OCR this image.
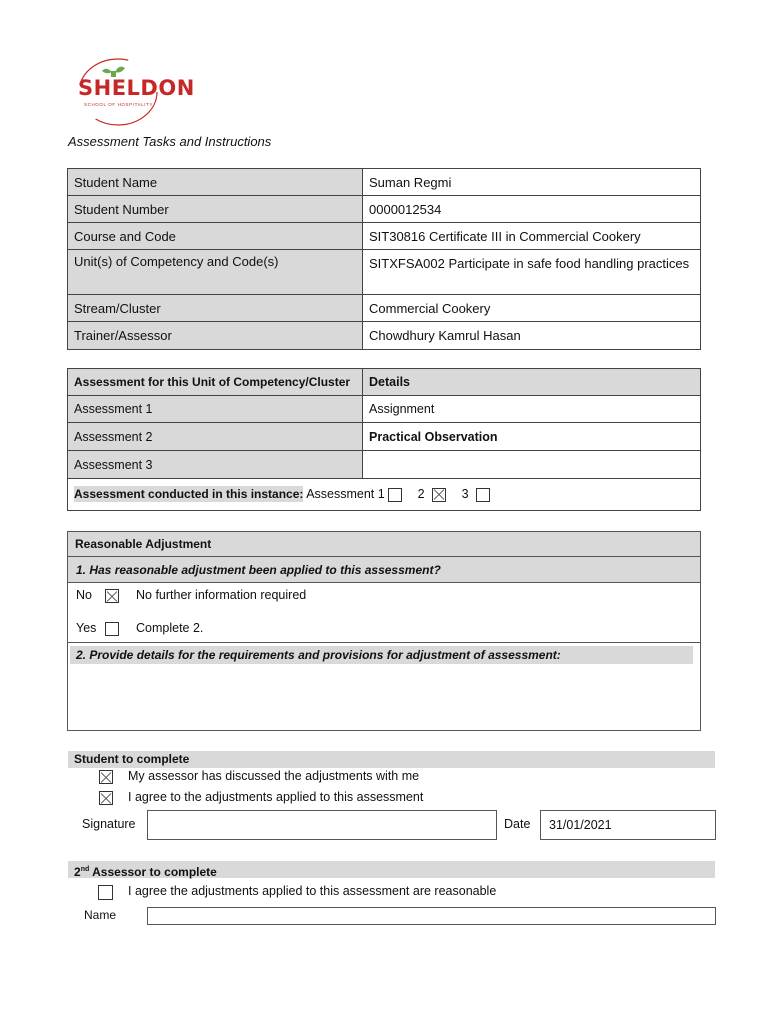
SHELDON
SCHOOL OF HOSPITALITY
Assessment Tasks and Instructions
Student Name	Suman Regmi
Student Number	0000012534
Course and Code	SIT30816 Certificate III in Commercial Cookery
Unit(s) of Competency and Code(s)	SITXFSA002 Participate in safe food handling practices
Stream/Cluster	Commercial Cookery
Trainer/Assessor	Chowdhury Kamrul Hasan
Assessment for this Unit of Competency/Cluster	Details
Assessment 1	Assignment
Assessment 2	Practical Observation
Assessment 3	
Assessment conducted in this instance: Assessment 1 2 3	
Reasonable Adjustment
1. Has reasonable adjustment been applied to this assessment?
No	No further information required
Yes	Complete 2.
2. Provide details for the requirements and provisions for adjustment of assessment:
Student to complete
My assessor has discussed the adjustments with me
I agree to the adjustments applied to this assessment
Signature	Date	31/01/2021
2nd Assessor to complete
I agree the adjustments applied to this assessment are reasonable
Name
